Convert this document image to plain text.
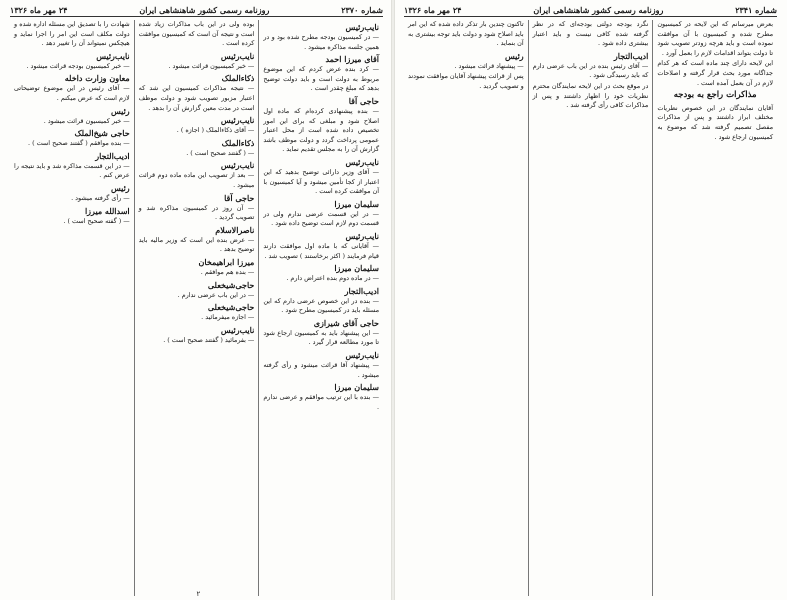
شماره ۲۳۷۰
روزنامه رسمی کشور شاهنشاهی ایران
۲۴ مهر ماه ۱۳۲۶
نایب‌رئیس

— در کمیسیون بودجه مطرح شده بود و در همین جلسه مذاکره میشود .

آقای میرزا احمد

— کرد بنده عرض کردم که این موضوع مربوط به دولت است و باید دولت توضیح بدهد که مبلغ چقدر است .

حاجی آقا

— بنده پیشنهادی کرده‌ام که ماده اول اصلاح شود و مبلغی که برای این امور تخصیص داده شده است از محل اعتبار عمومی پرداخت گردد و دولت موظف باشد گزارش آن را به مجلس تقدیم نماید .

نایب‌رئیس

— آقای وزیر دارائی توضیح بدهید که این اعتبار از کجا تأمین میشود و آیا کمیسیون با آن موافقت کرده است .

سلیمان میرزا

— در این قسمت عرضی ندارم ولی در قسمت دوم لازم است توضیح داده شود .

نایب‌رئیس

— آقایانی که با ماده اول موافقت دارند قیام فرمایند ( اکثر برخاستند ) تصویب شد .

سلیمان میرزا

— در ماده دوم بنده اعتراض دارم .

ادیب‌التجار

— بنده در این خصوص عرضی دارم که این مسئله باید در کمیسیون مطرح شود .

حاجی آقای شیرازی

— این پیشنهاد باید به کمیسیون ارجاع شود تا مورد مطالعه قرار گیرد .

نایب‌رئیس

— پیشنهاد آقا قرائت میشود و رأی گرفته میشود .

سلیمان میرزا

— بنده با این ترتیب موافقم و عرضی ندارم .

بوده ولی در این باب مذاکرات زیاد شده است و نتیجه آن است که کمیسیون موافقت کرده است .

نایب‌رئیس

— خبر کمیسیون قرائت میشود .

ذکاءالملک

— نتیجه مذاکرات کمیسیون این شد که اعتبار مزبور تصویب شود و دولت موظف است در مدت معین گزارش آن را بدهد .

نایب‌رئیس

— آقای ذکاءالملک ( اجازه ) .

ذکاءالملک

— ( گفتند صحیح است ) .

نایب‌رئیس

— بعد از تصویب این ماده ماده دوم قرائت میشود .

حاجی آقا

— آن روز در کمیسیون مذاکره شد و تصویب گردید .

ناصرالاسلام

— عرض بنده این است که وزیر مالیه باید توضیح بدهد .

میرزا ابراهیمخان

— بنده هم موافقم .

حاجی‌شیخعلی

— در این باب عرضی ندارم .

حاجی‌شیخعلی

— اجازه میفرمائید .

نایب‌رئیس

— بفرمائید ( گفتند صحیح است ) .

شهادت را با تصدیق این مسئله اداره شده و دولت مکلف است این امر را اجرا نماید و هیچکس نمیتواند آن را تغییر دهد .

نایب‌رئیس

— خبر کمیسیون بودجه قرائت میشود .

معاون وزارت داخله

— آقای رئیس در این موضوع توضیحاتی لازم است که عرض میکنم .

رئیس

— خبر کمیسیون قرائت میشود .

حاجی شیخ‌الملک

— بنده موافقم ( گفتند صحیح است ) .

ادیب‌التجار

— در این قسمت مذاکره شد و باید نتیجه را عرض کنم .

رئیس

— رأی گرفته میشود .

اسدالله میرزا

— ( گفته صحیح است ) .

۲
شماره ۲۳۴۱
روزنامه رسمی کشور شاهنشاهی ایران
۲۴ مهر ماه ۱۳۲۶

بعرض میرسانم که این لایحه در کمیسیون مطرح شده و کمیسیون با آن موافقت نموده است و باید هرچه زودتر تصویب شود تا دولت بتواند اقدامات لازم را بعمل آورد .

این لایحه دارای چند ماده است که هر کدام جداگانه مورد بحث قرار گرفته و اصلاحات لازم در آن بعمل آمده است .

مذاکرات راجع به بودجه

آقایان نمایندگان در این خصوص نظریات مختلف ابراز داشتند و پس از مذاکرات مفصل تصمیم گرفته شد که موضوع به کمیسیون ارجاع شود .

نگرد بودجه دولتی بودجه‌ای که در نظر گرفته شده کافی نیست و باید اعتبار بیشتری داده شود .

ادیب‌التجار

— آقای رئیس بنده در این باب عرضی دارم که باید رسیدگی شود .

در موقع بحث در این لایحه نمایندگان محترم نظریات خود را اظهار داشتند و پس از مذاکرات کافی رأی گرفته شد .

تاکنون چندین بار تذکر داده شده که این امر باید اصلاح شود و دولت باید توجه بیشتری به آن بنماید .

رئیس

— پیشنهاد قرائت میشود .

پس از قرائت پیشنهاد آقایان موافقت نمودند و تصویب گردید .
